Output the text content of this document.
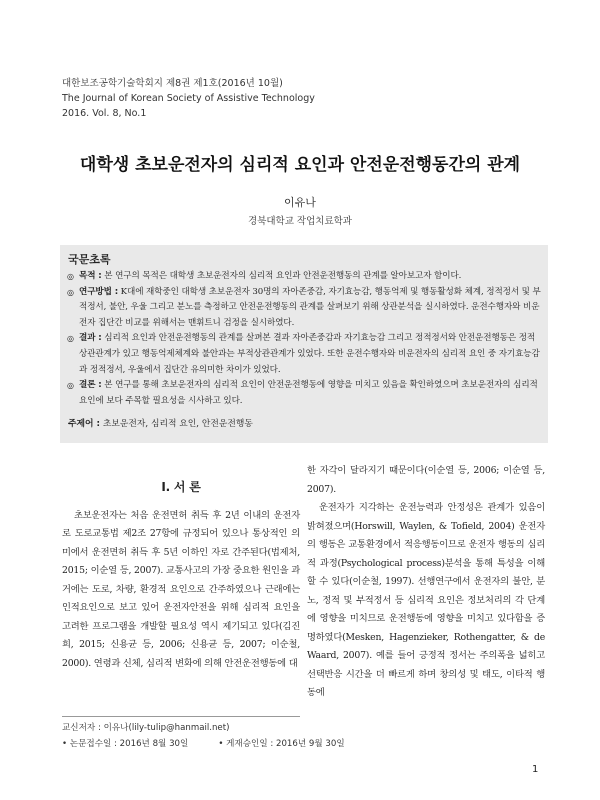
대한보조공학기술학회지 제8권 제1호(2016년 10월)
The Journal of Korean Society of Assistive Technology
2016. Vol. 8, No.1
대학생 초보운전자의 심리적 요인과 안전운전행동간의 관계
이유나
경북대학교 작업치료학과
국문초록
◎ 목적 : 본 연구의 목적은 대학생 초보운전자의 심리적 요인과 안전운전행동의 관계를 알아보고자 함이다.
◎ 연구방법 : K대에 재학중인 대학생 초보운전자 30명의 자아존중감, 자기효능감, 행동억제 및 행동활성화 체계, 정적정서 및 부적정서, 불안, 우울 그리고 분노를 측정하고 안전운전행동의 관계를 살펴보기 위해 상관분석을 실시하였다. 운전수행자와 비운전자 집단간 비교를 위해서는 맨휘트니 검정을 실시하였다.
◎ 결과 : 심리적 요인과 안전운전행동의 관계를 살펴본 결과 자아존중감과 자기효능감 그리고 정적정서와 안전운전행동은 정적상관관계가 있고 행동억제체계와 불안과는 부적상관관계가 있었다. 또한 운전수행자와 비운전자의 심리적 요인 중 자기효능감과 정적정서, 우울에서 집단간 유의미한 차이가 있었다.
◎ 결론 : 본 연구를 통해 초보운전자의 심리적 요인이 안전운전행동에 영향을 미치고 있음을 확인하였으며 초보운전자의 심리적 요인에 보다 주목할 필요성을 시사하고 있다.
주제어 : 초보운전자, 심리적 요인, 안전운전행동
I. 서 론

초보운전자는 처음 운전면허 취득 후 2년 이내의 운전자로 도로교통법 제2조 27항에 규정되어 있으나 통상적인 의미에서 운전면허 취득 후 5년 이하인 자로 간주된다(법제처, 2015; 이순열 등, 2007). 교통사고의 가장 중요한 원인을 과거에는 도로, 차량, 환경적 요인으로 간주하였으나 근래에는 인적요인으로 보고 있어 운전자안전을 위해 심리적 요인을 고려한 프로그램을 개발할 필요성 역시 제기되고 있다(김진희, 2015; 신용균 등, 2006; 신용균 등, 2007; 이순철, 2000). 연령과 신체, 심리적 변화에 의해 안전운전행동에 대

한 자각이 달라지기 때문이다(이순열 등, 2006; 이순열 등, 2007).

운전자가 지각하는 운전능력과 안정성은 관계가 있음이 밝혀졌으며(Horswill, Waylen, & Tofield, 2004) 운전자의 행동은 교통환경에서 적응행동이므로 운전자 행동의 심리적 과정(Psychological process)분석을 통해 특성을 이해할 수 있다(이순철, 1997). 선행연구에서 운전자의 불안, 분노, 정적 및 부적정서 등 심리적 요인은 정보처리의 각 단계에 영향을 미치므로 운전행동에 영향을 미치고 있다함을 증명하였다(Mesken, Hagenzieker, Rothengatter, & de Waard, 2007). 예를 들어 긍정적 정서는 주의폭을 넓히고 선택반응 시간을 더 빠르게 하며 창의성 및 태도, 이타적 행동에

교신저자 : 이유나(lily-tulip@hanmail.net)
• 논문접수일 : 2016년 8월 30일	• 게재승인일 : 2016년 9월 30일
1
